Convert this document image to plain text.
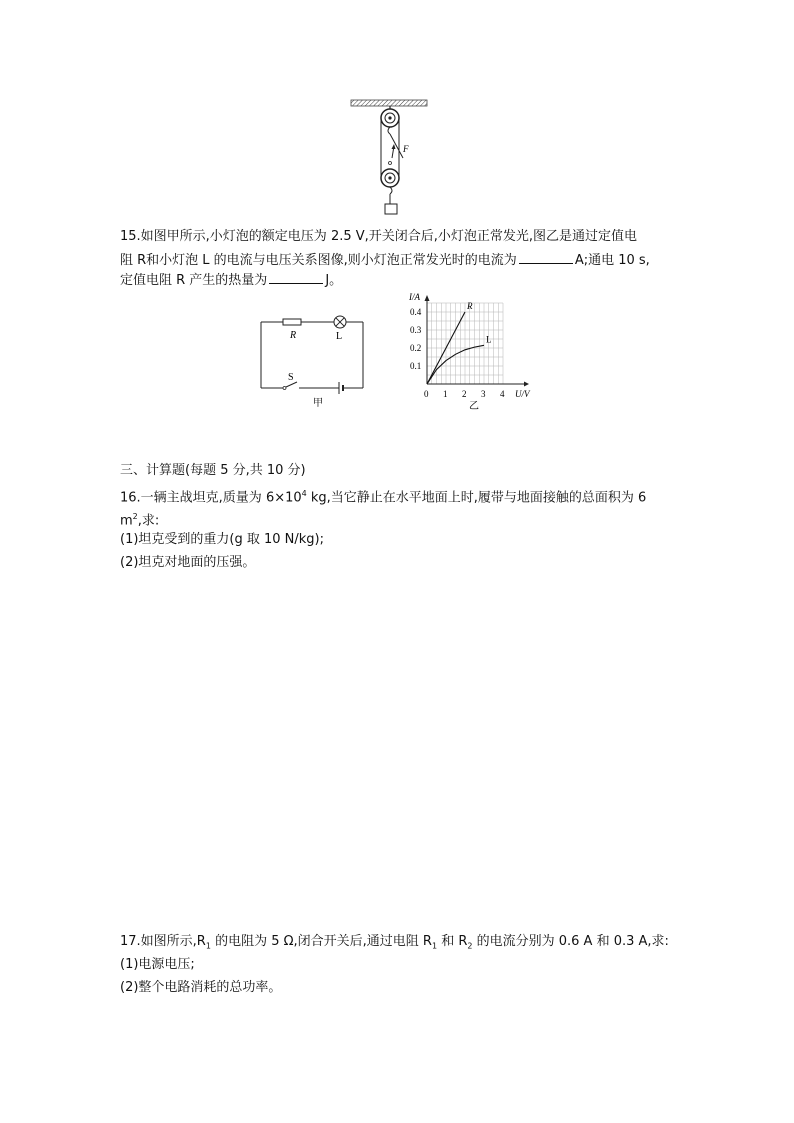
F
15.如图甲所示,小灯泡的额定电压为 2.5 V,开关闭合后,小灯泡正常发光,图乙是通过定值电
阻 R和小灯泡 L 的电流与电压关系图像,则小灯泡正常发光时的电流为	A;通电 10 s,
定值电阻 R 产生的热量为	J。
R	L
S
甲
0 1 2 3 4
0.1
0.2
0.3
0.4
R
L
I/A
U/V
乙
三、计算题(每题 5 分,共 10 分)
16.一辆主战坦克,质量为 $6\times 10^4$ kg,当它静止在水平地面上时,履带与地面接触的总面积为 6
$m^2$,求:
(1)坦克受到的重力(g 取 10 N/kg);
(2)坦克对地面的压强。
17.如图所示$,R_1$ 的电阻为 5 Ω,闭合开关后,通过电阻 $R_1$ 和 $R_2$ 的电流分别为 0.6 A 和 0.3 A,求:
(1)电源电压;
(2)整个电路消耗的总功率。
